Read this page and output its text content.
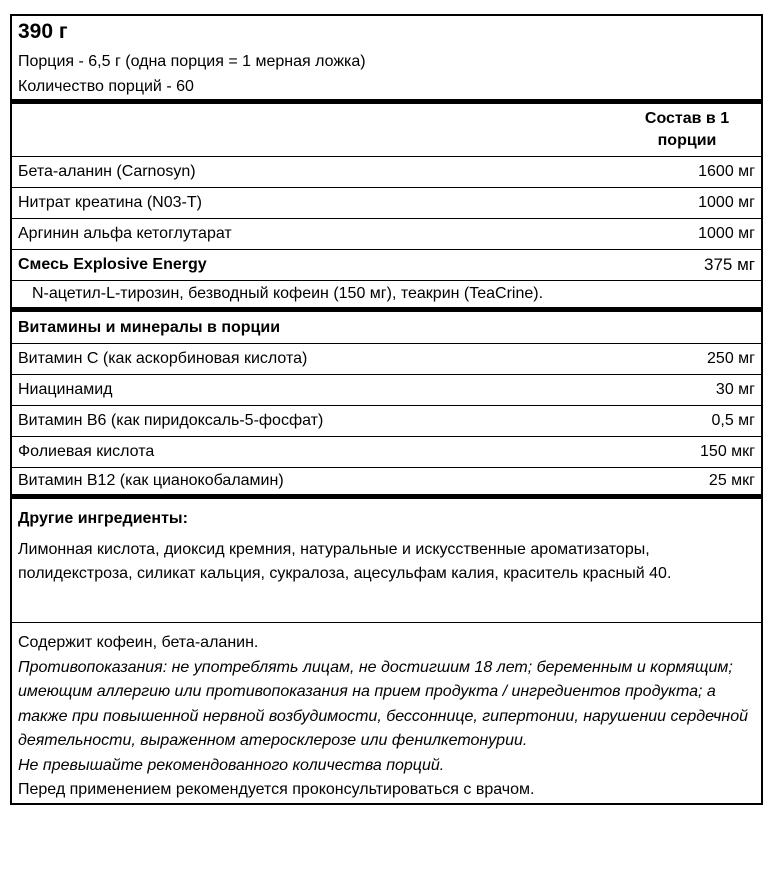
390 г
Порция - 6,5 г (одна порция = 1 мерная ложка)
Количество порций - 60
Состав в 1 порции
Бета-аланин (Carnosyn)	1600 мг
Нитрат креатина (N03-T)	1000 мг
Аргинин альфа кетоглутарат	1000 мг
Смесь Explosive Energy	375 мг
N-ацетил-L-тирозин, безводный кофеин (150 мг), теакрин (TeaCrine).
Витамины и минералы в порции
Витамин С (как аскорбиновая кислота)	250 мг
Ниацинамид	30 мг
Витамин В6 (как пиридоксаль-5-фосфат)	0,5 мг
Фолиевая кислота	150 мкг
Витамин В12 (как цианокобаламин)	25 мкг
Другие ингредиенты:
Лимонная кислота, диоксид кремния, натуральные и искусственные ароматизаторы, полидекстроза, силикат кальция, сукралоза, ацесульфам калия, краситель красный 40.
Содержит кофеин, бета-аланин.
Противопоказания: не употреблять лицам, не достигшим 18 лет; беременным и кормящим; имеющим аллергию или противопоказания на прием продукта / ингредиентов продукта; а также при повышенной нервной возбудимости, бессоннице, гипертонии, нарушении сердечной деятельности, выраженном атеросклерозе или фенилкетонурии.
Не превышайте рекомендованного количества порций.
Перед применением рекомендуется проконсультироваться с врачом.
